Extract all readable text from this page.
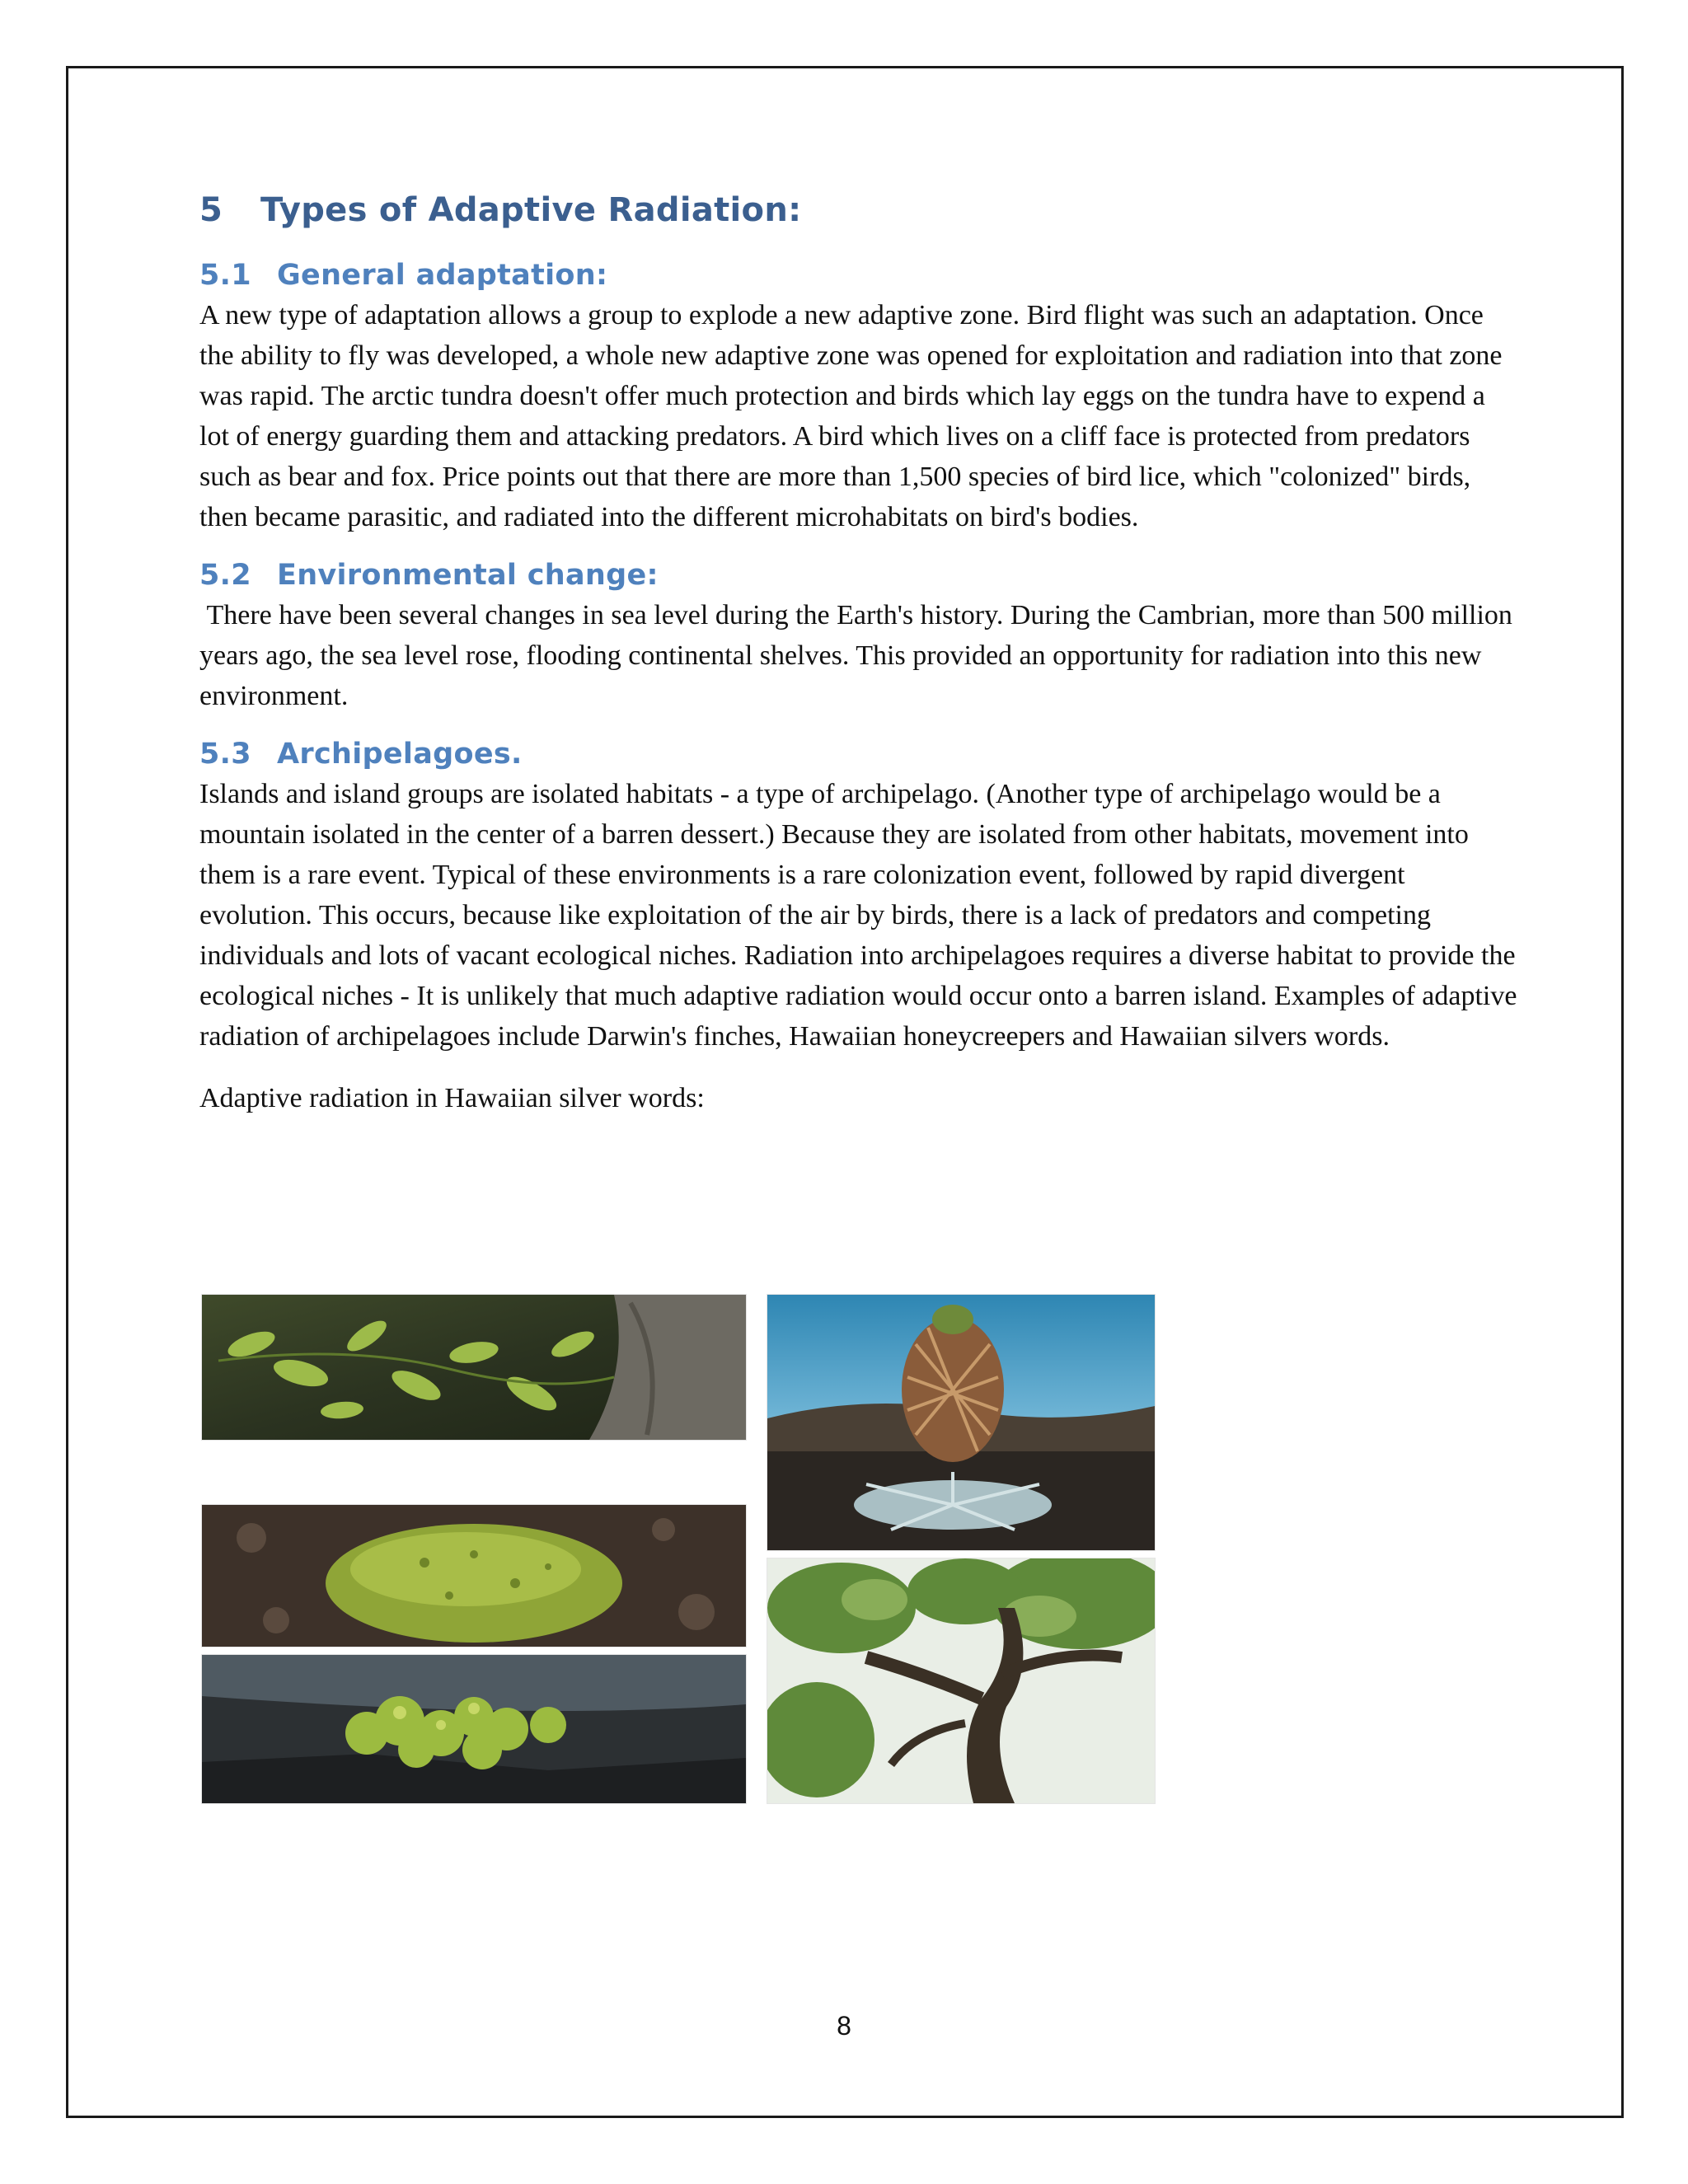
5 Types of Adaptive Radiation:
5.1 General adaptation:

A new type of adaptation allows a group to explode a new adaptive zone. Bird flight was such an adaptation. Once the ability to fly was developed, a whole new adaptive zone was opened for exploitation and radiation into that zone was rapid. The arctic tundra doesn't offer much protection and birds which lay eggs on the tundra have to expend a lot of energy guarding them and attacking predators. A bird which lives on a cliff face is protected from predators such as bear and fox. Price points out that there are more than 1,500 species of bird lice, which "colonized" birds, then became parasitic, and radiated into the different microhabitats on bird's bodies.

5.2 Environmental change:

There have been several changes in sea level during the Earth's history. During the Cambrian, more than 500 million years ago, the sea level rose, flooding continental shelves. This provided an opportunity for radiation into this new environment.

5.3 Archipelagoes.

Islands and island groups are isolated habitats - a type of archipelago. (Another type of archipelago would be a mountain isolated in the center of a barren dessert.) Because they are isolated from other habitats, movement into them is a rare event. Typical of these environments is a rare colonization event, followed by rapid divergent evolution. This occurs, because like exploitation of the air by birds, there is a lack of predators and competing individuals and lots of vacant ecological niches. Radiation into archipelagoes requires a diverse habitat to provide the ecological niches - It is unlikely that much adaptive radiation would occur onto a barren island. Examples of adaptive radiation of archipelagoes include Darwin's finches, Hawaiian honeycreepers and Hawaiian silvers words.

Adaptive radiation in Hawaiian silver words:

8
